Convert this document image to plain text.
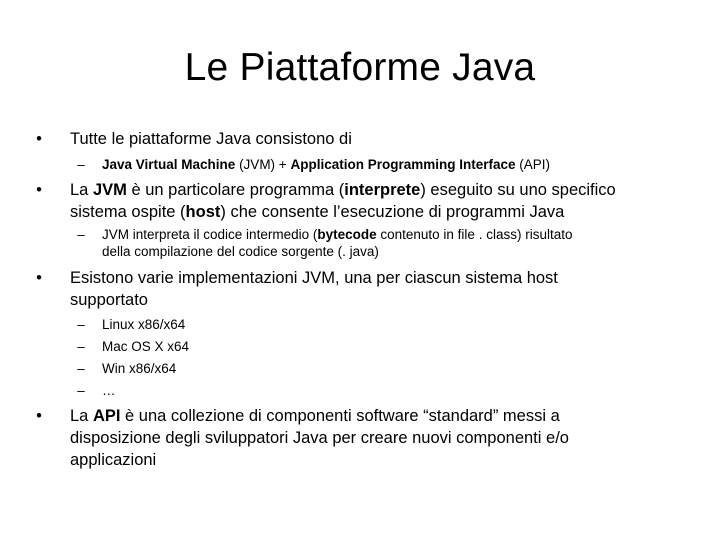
Le Piattaforme Java

• Tutte le piattaforme Java consistono di

– Java Virtual Machine (JVM) + Application Programming Interface (API)

• La JVM è un particolare programma (interprete) eseguito su uno specifico
sistema ospite (host) che consente l’esecuzione di programmi Java

– JVM interpreta il codice intermedio (bytecode contenuto in file . class) risultato
della compilazione del codice sorgente (. java)

• Esistono varie implementazioni JVM, una per ciascun sistema host
supportato

– Linux x86/x64

– Mac OS X x64

– Win x86/x64

– …

• La API è una collezione di componenti software “standard” messi a
disposizione degli sviluppatori Java per creare nuovi componenti e/o
applicazioni
